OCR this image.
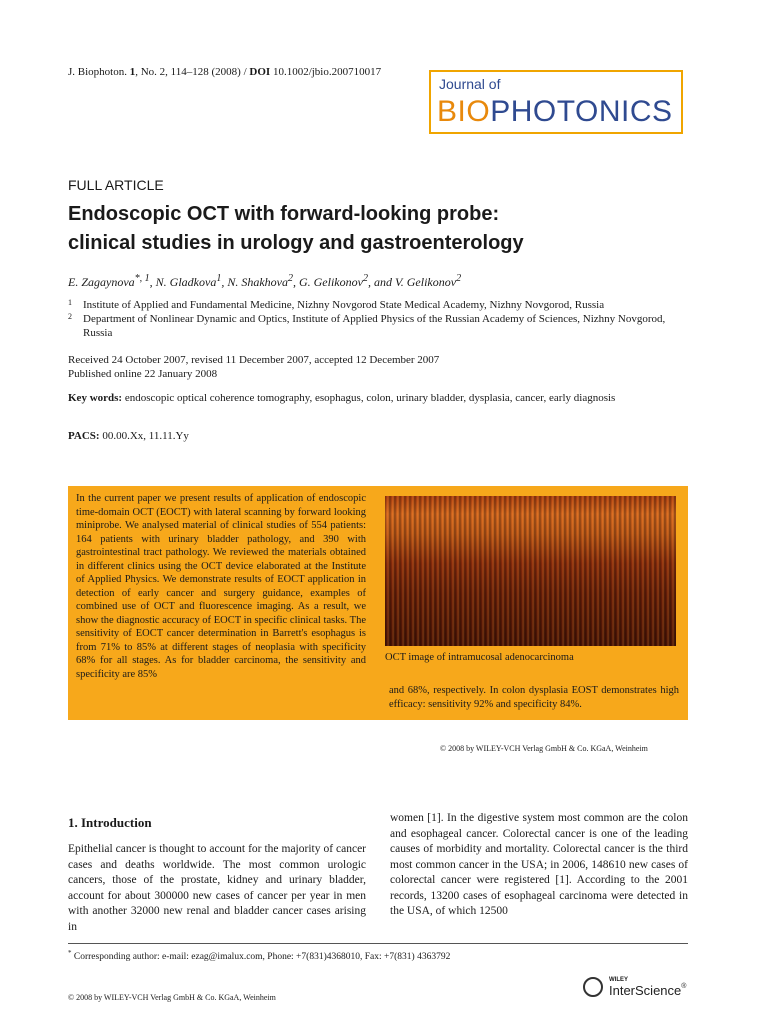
J. Biophoton. 1, No. 2, 114–128 (2008) / DOI 10.1002/jbio.200710017
Journal of
BIOPHOTONICS
FULL ARTICLE
Endoscopic OCT with forward-looking probe:
clinical studies in urology and gastroenterology
E. Zagaynova$^{*, 1}$, N. Gladkova$^1$, N. Shakhova$^2$, G. Gelikonov$^2$, and V. Gelikonov$^2$
1 Institute of Applied and Fundamental Medicine, Nizhny Novgorod State Medical Academy, Nizhny Novgorod, Russia
2 Department of Nonlinear Dynamic and Optics, Institute of Applied Physics of the Russian Academy of Sciences, Nizhny Novgorod, Russia
Received 24 October 2007, revised 11 December 2007, accepted 12 December 2007
Published online 22 January 2008
Key words: endoscopic optical coherence tomography, esophagus, colon, urinary bladder, dysplasia, cancer, early diagnosis
PACS: 00.00.Xx, 11.11.Yy
In the current paper we present results of application of endoscopic time-domain OCT (EOCT) with lateral scanning by forward looking miniprobe. We analysed material of clinical studies of 554 patients: 164 patients with urinary bladder pathology, and 390 with gastrointestinal tract pathology. We reviewed the materials obtained in different clinics using the OCT device elaborated at the Institute of Applied Physics. We demonstrate results of EOCT application in detection of early cancer and surgery guidance, examples of combined use of OCT and fluorescence imaging. As a result, we show the diagnostic accuracy of EOCT in specific clinical tasks. The sensitivity of EOCT cancer determination in Barrett's esophagus is from 71% to 85% at different stages of neoplasia with specificity 68% for all stages. As for bladder carcinoma, the sensitivity and specificity are 85%
OCT image of intramucosal adenocarcinoma
and 68%, respectively. In colon dysplasia EOST demonstrates high efficacy: sensitivity 92% and specificity 84%.
© 2008 by WILEY-VCH Verlag GmbH & Co. KGaA, Weinheim
1. Introduction
Epithelial cancer is thought to account for the majority of cancer cases and deaths worldwide. The most common urologic cancers, those of the prostate, kidney and urinary bladder, account for about 300000 new cases of cancer per year in men with another 32000 new renal and bladder cancer cases arising in
women [1]. In the digestive system most common are the colon and esophageal cancer. Colorectal cancer is one of the leading causes of morbidity and mortality. Colorectal cancer is the third most common cancer in the USA; in 2006, 148610 new cases of colorectal cancer were registered [1]. According to the 2001 records, 13200 cases of esophageal carcinoma were detected in the USA, of which 12500
* Corresponding author: e-mail: ezag@imalux.com, Phone: +7(831)4368010, Fax: +7(831) 4363792
© 2008 by WILEY-VCH Verlag GmbH & Co. KGaA, Weinheim
WILEY
InterScience®
